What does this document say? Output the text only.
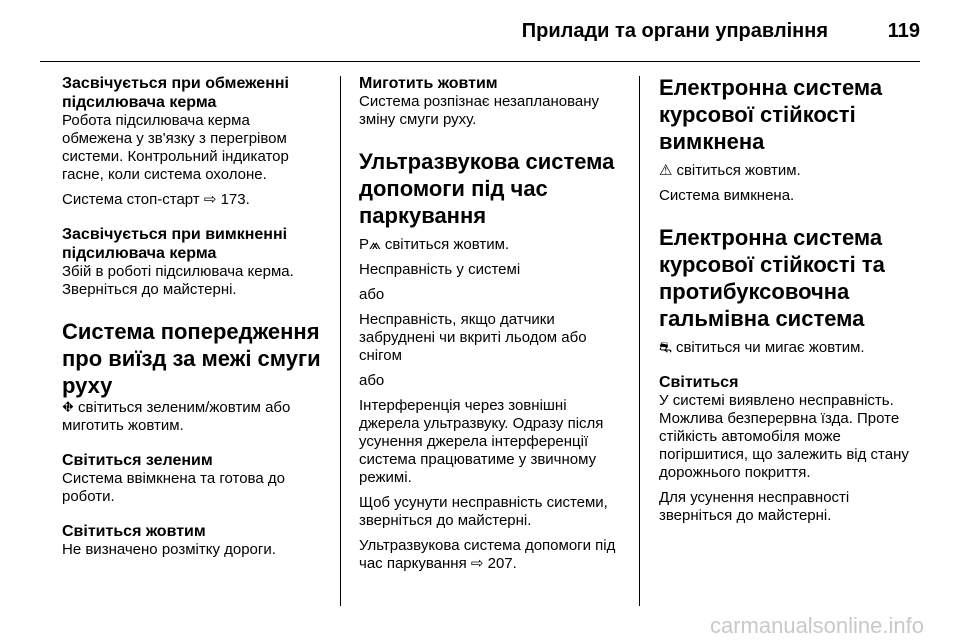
Прилади та органи управління	119
Засвічується при обмеженні підсилювача керма

Робота підсилювача керма обмежена у зв'язку з перегрівом системи. Контрольний індикатор гасне, коли система охолоне.

Система стоп-старт ⇨ 173.

Засвічується при вимкненні підсилювача керма

Збій в роботі підсилювача керма. Зверніться до майстерні.

Система попередження про виїзд за межі смуги руху

⛖ світиться зеленим/жовтим або миготить жовтим.

Світиться зеленим

Система ввімкнена та готова до роботи.

Світиться жовтим

Не визначено розмітку дороги.

Миготить жовтим

Система розпізнає незаплановану зміну смуги руху.

Ультразвукова система допомоги під час паркування

P⩕ світиться жовтим.

Несправність у системі

або

Несправність, якщо датчики забруднені чи вкриті льодом або снігом

або

Інтерференція через зовнішні джерела ультразвуку. Одразу після усунення джерела інтерференції система працюватиме у звичному режимі.

Щоб усунути несправність системи, зверніться до майстерні.

Ультразвукова система допомоги під час паркування ⇨ 207.

Електронна система курсової стійкості вимкнена

⚠ світиться жовтим.

Система вимкнена.

Електронна система курсової стійкості та протибуксовочна гальмівна система

⛐ світиться чи мигає жовтим.

Світиться

У системі виявлено несправність. Можлива безперервна їзда. Проте стійкість автомобіля може погіршитися, що залежить від стану дорожнього покриття.

Для усунення несправності зверніться до майстерні.

carmanualsonline.info
